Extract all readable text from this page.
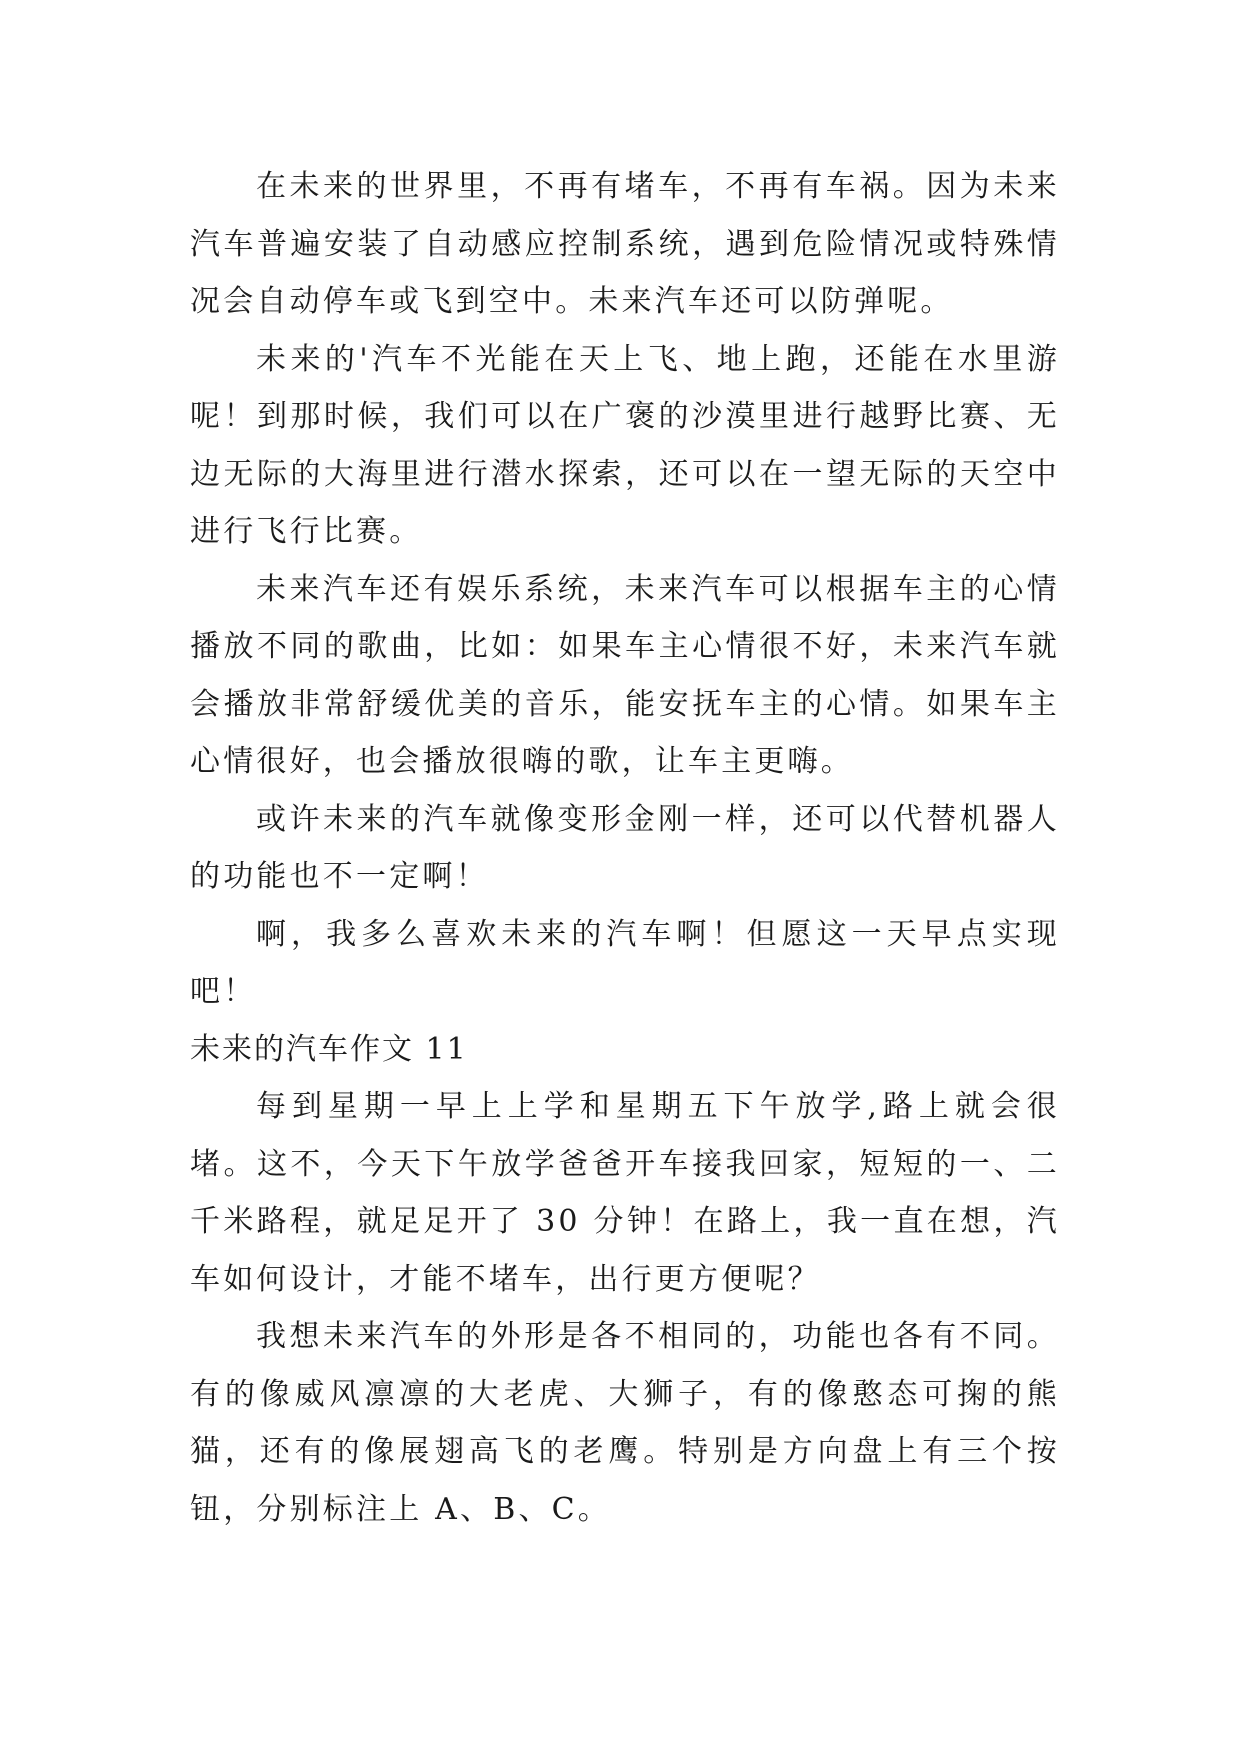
在未来的世界里，不再有堵车，不再有车祸。因为未来汽车普遍安装了自动感应控制系统，遇到危险情况或特殊情况会自动停车或飞到空中。未来汽车还可以防弹呢。

未来的'汽车不光能在天上飞、地上跑，还能在水里游呢！到那时候，我们可以在广褒的沙漠里进行越野比赛、无边无际的大海里进行潜水探索，还可以在一望无际的天空中进行飞行比赛。

未来汽车还有娱乐系统，未来汽车可以根据车主的心情播放不同的歌曲，比如：如果车主心情很不好，未来汽车就会播放非常舒缓优美的音乐，能安抚车主的心情。如果车主心情很好，也会播放很嗨的歌，让车主更嗨。

或许未来的汽车就像变形金刚一样，还可以代替机器人的功能也不一定啊！

啊，我多么喜欢未来的汽车啊！但愿这一天早点实现吧！

未来的汽车作文 11

每到星期一早上上学和星期五下午放学,路上就会很堵。这不，今天下午放学爸爸开车接我回家，短短的一、二千米路程，就足足开了 30 分钟！在路上，我一直在想，汽车如何设计，才能不堵车，出行更方便呢？

我想未来汽车的外形是各不相同的，功能也各有不同。有的像威风凛凛的大老虎、大狮子，有的像憨态可掬的熊猫，还有的像展翅高飞的老鹰。特别是方向盘上有三个按钮，分别标注上 A、B、C。
